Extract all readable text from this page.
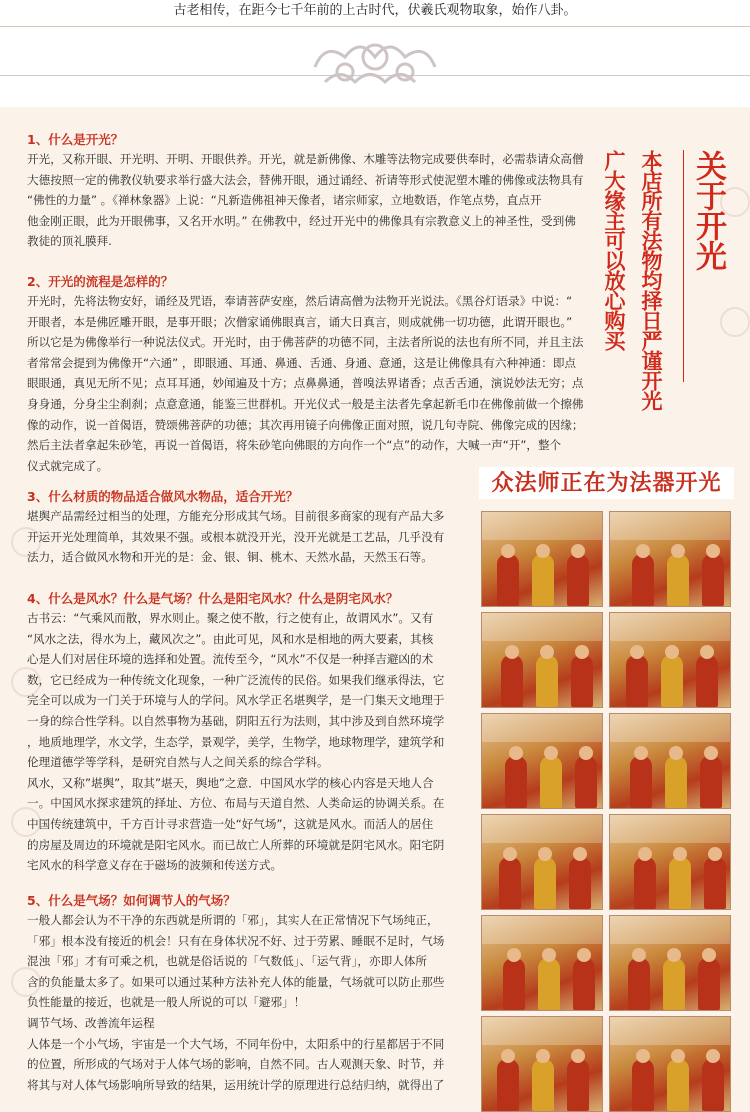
古老相传，在距今七千年前的上古时代，伏羲氏观物取象，始作八卦。
1、什么是开光？

开光，又称开眼、开光明、开明、开眼供养。开光，就是新佛像、木雕等法物完成要供奉时，必需恭请众高僧

大德按照一定的佛教仪轨要求举行盛大法会，替佛开眼，通过诵经、祈请等形式使泥塑木雕的佛像或法物具有

“佛性的力量” 。《禅林象器》上说：“凡新造佛祖神天像者，诸宗师家，立地数语，作笔点势，直点开

他金刚正眼，此为开眼佛事，又名开水明。” 在佛教中，经过开光中的佛像具有宗教意义上的神圣性，受到佛

教徒的顶礼膜拜.

2、开光的流程是怎样的？

开光时，先将法物安好，诵经及咒语，奉请菩萨安座，然后请高僧为法物开光说法。《黑谷灯语录》中说：“

开眼者，本是佛匠雕开眼，是事开眼；次僧家诵佛眼真言，诵大日真言，则成就佛一切功德，此谓开眼也。”

所以它是为佛像举行一种说法仪式。开光时，由于佛菩萨的功德不同，主法者所说的法也有所不同，并且主法

者常常会提到为佛像开“六通” ，即眼通、耳通、鼻通、舌通、身通、意通，这是让佛像具有六种神通：即点

眼眼通，真见无所不见；点耳耳通，妙闻遍及十方；点鼻鼻通，普嗅法界诸香；点舌舌通，演说妙法无穷；点

身身通，分身尘尘刹刹；点意意通，能鉴三世群机。开光仪式一般是主法者先拿起新毛巾在佛像前做一个擦佛

像的动作，说一首偈语，赞颂佛菩萨的功德；其次再用镜子向佛像正面对照，说几句寺院、佛像完成的因缘；

然后主法者拿起朱砂笔，再说一首偈语，将朱砂笔向佛眼的方向作一个“点”的动作，大喊一声“开”，整个

仪式就完成了。

3、什么材质的物品适合做风水物品，适合开光？

堪舆产品需经过相当的处理，方能充分形成其气场。目前很多商家的现有产品大多

开运开光处理简单，其效果不强。或根本就没开光，没开光就是工艺品，几乎没有

法力，适合做风水物和开光的是：金、银、铜、桃木、天然水晶，天然玉石等。

4、什么是风水？什么是气场？什么是阳宅风水？什么是阴宅风水？

古书云：“气乘风而散，界水则止。聚之使不散，行之使有止，故谓风水”。又有

“风水之法，得水为上，藏风次之”。由此可见，风和水是相地的两大要素，其核

心是人们对居住环境的选择和处置。流传至今，“风水”不仅是一种择吉避凶的术

数，它已经成为一种传统文化现象，一种广泛流传的民俗。如果我们继承得法，它

完全可以成为一门关于环境与人的学问。风水学正名堪舆学，是一门集天文地理于

一身的综合性学科。以自然事物为基础，阴阳五行为法则，其中涉及到自然环境学

，地质地理学，水文学，生态学，景观学，美学，生物学，地球物理学，建筑学和

伦理道德学等学科，是研究自然与人之间关系的综合学科。

风水，又称”堪舆”，取其”堪天，舆地”之意．中国风水学的核心内容是天地人合

一。中国风水探求建筑的择址、方位、布局与天道自然、人类命运的协调关系。在

中国传统建筑中，千方百计寻求营造一处“好气场”，这就是风水。而活人的居住

的房屋及周边的环境就是阳宅风水。而已故亡人所葬的环境就是阴宅风水。阳宅阴

宅风水的科学意义存在于磁场的波频和传送方式。

5、什么是气场？如何调节人的气场？

一般人都会认为不干净的东西就是所谓的「邪」，其实人在正常情况下气场纯正，

「邪」根本没有接近的机会！只有在身体状况不好、过于劳累、睡眠不足时，气场

混浊「邪」才有可乘之机，也就是俗话说的「气数低」、「运气背」，亦即人体所

含的负能量太多了。如果可以通过某种方法补充人体的能量，气场就可以防止那些

负性能量的接近，也就是一般人所说的可以「避邪」！

调节气场、改善流年运程

人体是一个小气场，宇宙是一个大气场，不同年份中，太阳系中的行星都居于不同

的位置，所形成的气场对于人体气场的影响，自然不同。古人观测天象、时节，并

将其与对人体气场影响所导致的结果，运用统计学的原理进行总结归纳，就得出了

关于开光
本店所有法物均择日严谨开光
广大缘主可以放心购买
众法师正在为法器开光
